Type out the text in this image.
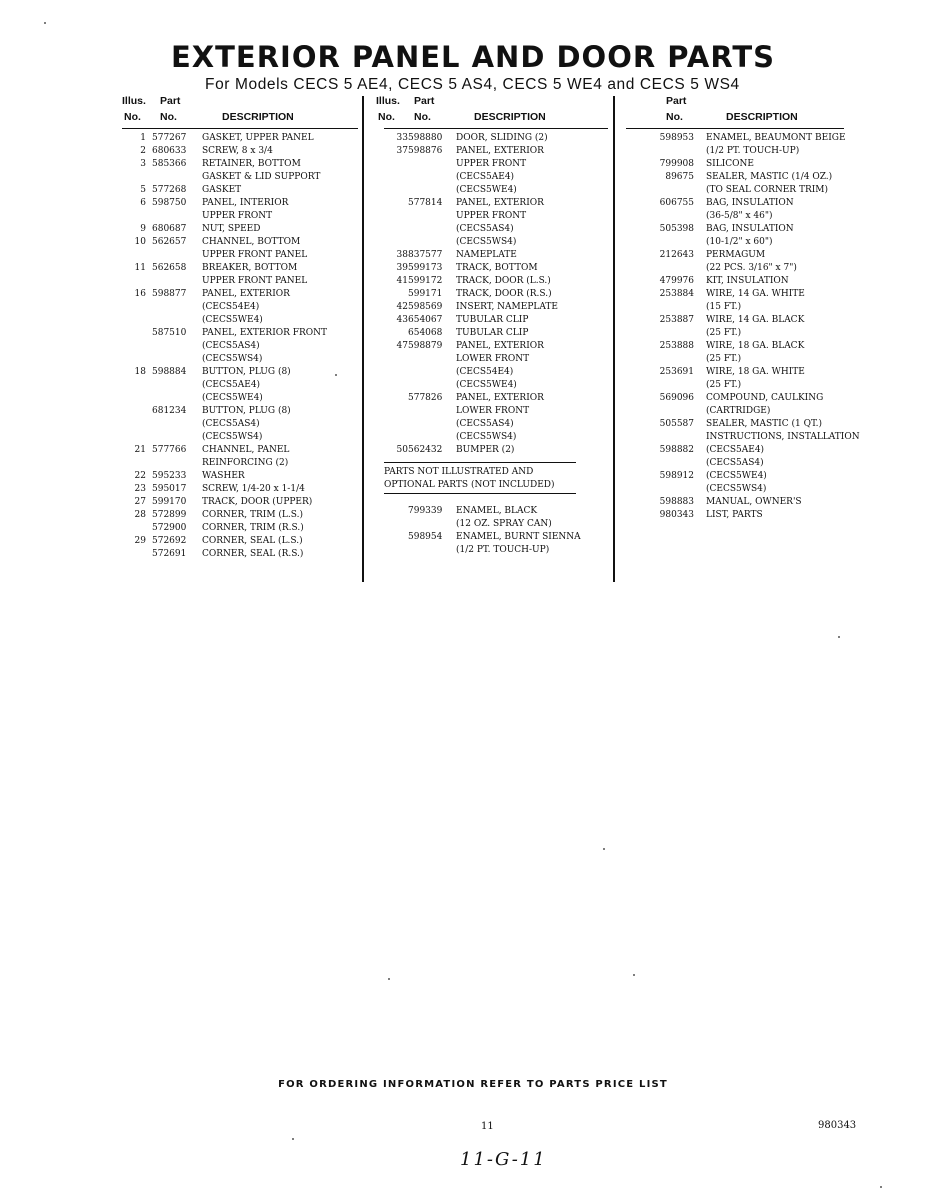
EXTERIOR PANEL AND DOOR PARTS
For Models CECS 5 AE4, CECS 5 AS4, CECS 5 WE4 and CECS 5 WS4
Illus. Part
No. No.	DESCRIPTION
1 577267 GASKET, UPPER PANEL
2 680633 SCREW, 8 x 3/4
3 585366 RETAINER, BOTTOM
GASKET & LID SUPPORT
5 577268 GASKET
6 598750 PANEL, INTERIOR
UPPER FRONT
9 680687 NUT, SPEED
10 562657 CHANNEL, BOTTOM
UPPER FRONT PANEL
11 562658 BREAKER, BOTTOM
UPPER FRONT PANEL
16 598877 PANEL, EXTERIOR
(CECS54E4)
(CECS5WE4)
587510 PANEL, EXTERIOR FRONT
(CECS5AS4)
(CECS5WS4)
18 598884 BUTTON, PLUG (8)
(CECS5AE4)
(CECS5WE4)
681234 BUTTON, PLUG (8)
(CECS5AS4)
(CECS5WS4)
21 577766 CHANNEL, PANEL
REINFORCING (2)
22 595233 WASHER
23 595017 SCREW, 1/4-20 x 1-1/4
27 599170 TRACK, DOOR (UPPER)
28 572899 CORNER, TRIM (L.S.)
572900 CORNER, TRIM (R.S.)
29 572692 CORNER, SEAL (L.S.)
572691 CORNER, SEAL (R.S.)
Illus. Part
No. No.	DESCRIPTION
33 598880 DOOR, SLIDING (2)
37 598876 PANEL, EXTERIOR
UPPER FRONT
(CECS5AE4)
(CECS5WE4)
577814 PANEL, EXTERIOR
UPPER FRONT
(CECS5AS4)
(CECS5WS4)
38 837577 NAMEPLATE
39 599173 TRACK, BOTTOM
41 599172 TRACK, DOOR (L.S.)
599171 TRACK, DOOR (R.S.)
42 598569 INSERT, NAMEPLATE
43 654067 TUBULAR CLIP
654068 TUBULAR CLIP
47 598879 PANEL, EXTERIOR
LOWER FRONT
(CECS54E4)
(CECS5WE4)
577826 PANEL, EXTERIOR
LOWER FRONT
(CECS5AS4)
(CECS5WS4)
50 562432 BUMPER (2)
PARTS NOT ILLUSTRATED AND
OPTIONAL PARTS (NOT INCLUDED)
799339 ENAMEL, BLACK
(12 OZ. SPRAY CAN)
598954 ENAMEL, BURNT SIENNA
(1/2 PT. TOUCH-UP)
Part
No.	DESCRIPTION
598953 ENAMEL, BEAUMONT BEIGE
(1/2 PT. TOUCH-UP)
799908 SILICONE
89675 SEALER, MASTIC (1/4 OZ.)
(TO SEAL CORNER TRIM)
606755 BAG, INSULATION
(36-5/8" x 46")
505398 BAG, INSULATION
(10-1/2" x 60")
212643 PERMAGUM
(22 PCS. 3/16" x 7")
479976 KIT, INSULATION
253884 WIRE, 14 GA. WHITE
(15 FT.)
253887 WIRE, 14 GA. BLACK
(25 FT.)
253888 WIRE, 18 GA. BLACK
(25 FT.)
253691 WIRE, 18 GA. WHITE
(25 FT.)
569096 COMPOUND, CAULKING
(CARTRIDGE)
505587 SEALER, MASTIC (1 QT.)
INSTRUCTIONS, INSTALLATION
598882 (CECS5AE4)
(CECS5AS4)
598912 (CECS5WE4)
(CECS5WS4)
598883 MANUAL, OWNER'S
980343 LIST, PARTS
FOR ORDERING INFORMATION REFER TO PARTS PRICE LIST
11	980343
11-G-11
